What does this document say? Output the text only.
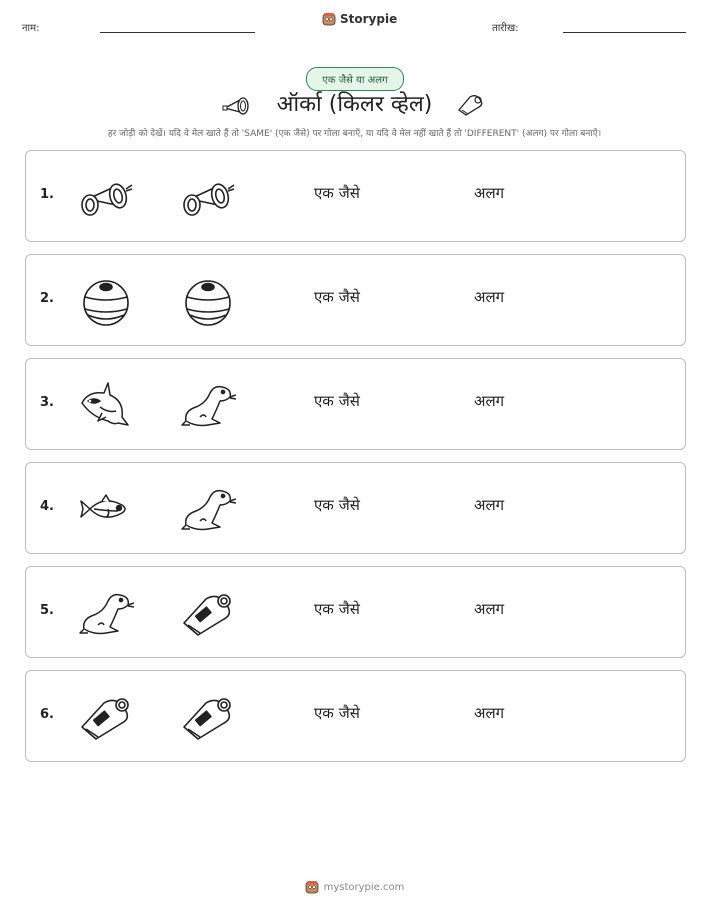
नाम:
Storypie
तारीख:
एक जैसे या अलग
ऑर्का (किलर व्हेल)
हर जोड़ी को देखें। यदि वे मेल खाते हैं तो 'SAME' (एक जैसे) पर गोला बनाएँ, या यदि वे मेल नहीं खाते हैं तो 'DIFFERENT' (अलग) पर गोला बनाएँ।
1.	एक जैसे	अलग
2.	एक जैसे	अलग
3.	एक जैसे	अलग
4.	एक जैसे	अलग
5.	एक जैसे	अलग
6.	एक जैसे	अलग
mystorypie.com
